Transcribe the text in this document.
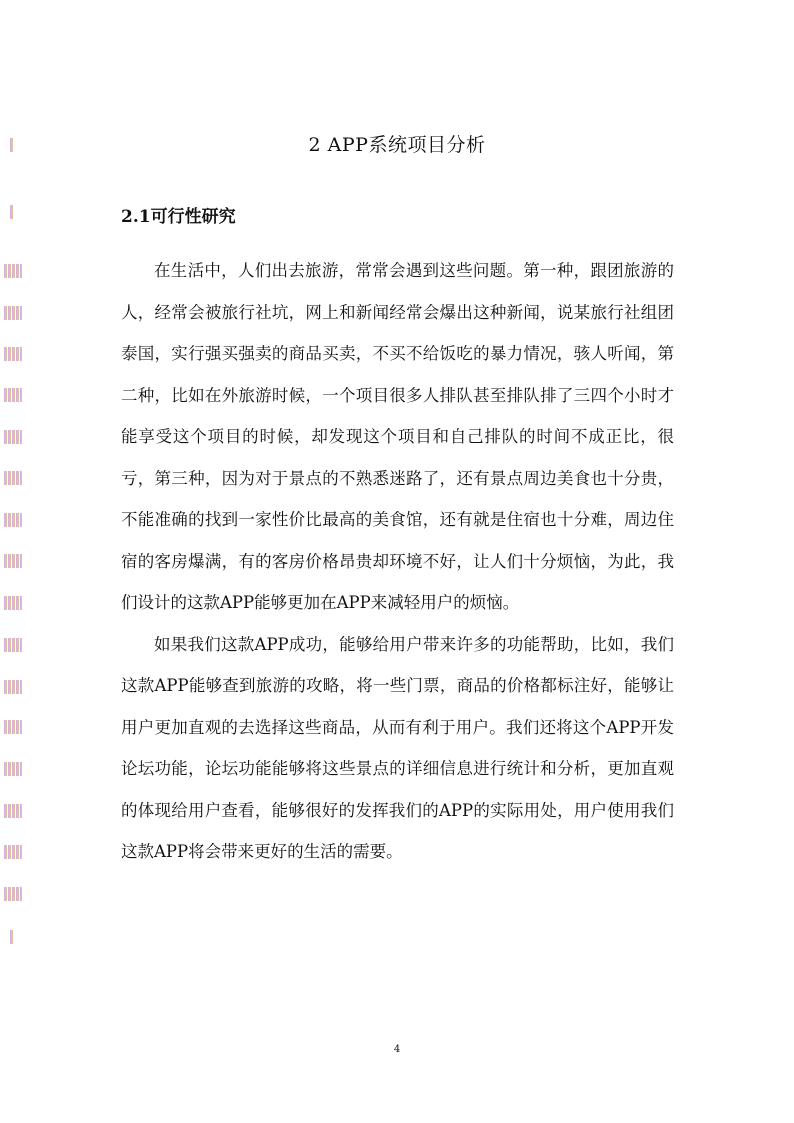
2 APP系统项目分析
2.1可行性研究

在生活中，人们出去旅游，常常会遇到这些问题。第一种，跟团旅游的人，经常会被旅行社坑，网上和新闻经常会爆出这种新闻，说某旅行社组团泰国，实行强买强卖的商品买卖，不买不给饭吃的暴力情况，骇人听闻，第二种，比如在外旅游时候，一个项目很多人排队甚至排队排了三四个小时才能享受这个项目的时候，却发现这个项目和自己排队的时间不成正比，很亏，第三种，因为对于景点的不熟悉迷路了，还有景点周边美食也十分贵，不能准确的找到一家性价比最高的美食馆，还有就是住宿也十分难，周边住宿的客房爆满，有的客房价格昂贵却环境不好，让人们十分烦恼，为此，我们设计的这款APP能够更加在APP来减轻用户的烦恼。

如果我们这款APP成功，能够给用户带来许多的功能帮助，比如，我们这款APP能够查到旅游的攻略，将一些门票，商品的价格都标注好，能够让用户更加直观的去选择这些商品，从而有利于用户。我们还将这个APP开发论坛功能，论坛功能能够将这些景点的详细信息进行统计和分析，更加直观的体现给用户查看，能够很好的发挥我们的APP的实际用处，用户使用我们这款APP将会带来更好的生活的需要。

4
